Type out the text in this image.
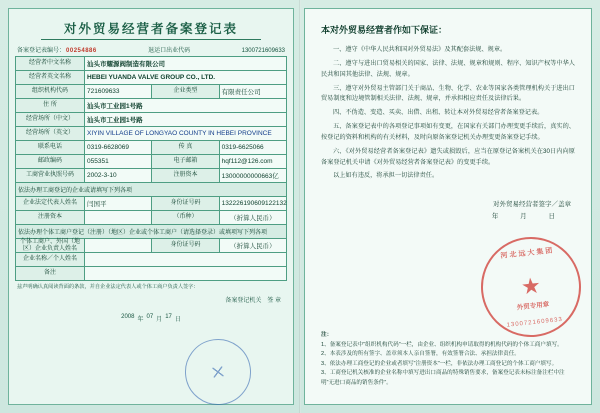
对外贸易经营者备案登记表
备案登记表编号： 00254886	退运口出业代码	1300721609633
经营者中文名称	汕头市耀源阀制造有限公司		
经营者英文名称	HEBEI YUANDA VALVE GROUP CO., LTD.		
组织机构代码	721609633	企业类型	有限责任公司
住 所	汕头市工业园1号路		
经营场所（中文）	汕头市工业园1号路		
经营场所（英文）	XIYIN VILLAGE OF LONGYAO COUNTY IN HEBEI PROVINCE		
联系电话	0319-6628069	传 真	0319-6625066
邮政编码	055351	电子邮箱	hqf112@126.com
工商营业执照号码	2002-3-10	注册资本	13000000000663亿
依法办理工商登记的企业或请填写下列各项			
企业法定代表人姓名	闫国平	身份证号码	132226190609122132
注册资本		（币种）	（折算人民币）
依法办理个体工商户登记（注册）（地区）企业或个体工商户（请选择登录）或填项写下列各项			
个体工商户、外国（地区）企业负责人姓名		身份证号码	（折算人民币）
企业名称／个人姓名			
备注			
兹声明确认真阅读背面的条款，并自企业法定代表人或个体工商户负责人签字：
备案登记机关 签 章
2008 年 07 月 17 日
本对外贸易经营者作如下保证：
一、遵守《中华人民共和国对外贸易法》及其配套法规、规章。
二、遵守与进出口贸易相关的国家、法律、法规、规章和规则、程序、知识产权等中华人民共和国其他法律、法规、规章。
三、遵守对外贸易主管部门关于商品、生物、化学、农业等国家各类管理机构关于进出口贸易制度和边境管制相关法律、法规、规章，并承担相应责任及法律后果。
四、不伪造、变造、买卖、出借、出租、转让本对外贸易经营者备案登记表。
五、备案登记表中的各项登记事项如有变更，在国家有关部门办理变更手续后，真实的、按登记的资料和机构的有关材料，及时向原备案登记机关办理变更备案登记手续。
六、《对外贸易经营者备案登记表》遗失或损毁后，应当在原登记备案机关在30日内向原备案登记机关申请《对外贸易经营者备案登记表》的变更手续。
以上如有违反，将承担一切法律责任。
对外贸易经营者签字／盖章
年 月 日
河北远大集团
★
外贸专用章
1300721609633
注：
1、备案登记表中“组织机构代码”一栏，由企业、组织机构申请取得的机构代码的个体工商户填写。
2、本表涉及的所有签字、盖章须本人亲自签署，有效签署合法、承担法律责任。
3、依法办理工商登记的企业或者填写“注册资本”一栏，非依法办理工商登记的个体工商户填写。
3、工商登记机关核准的企业名称中填写进出口商品的特殊销售要求，备案登记表未标注备注栏中注明“无进口商品的销售条件”。
